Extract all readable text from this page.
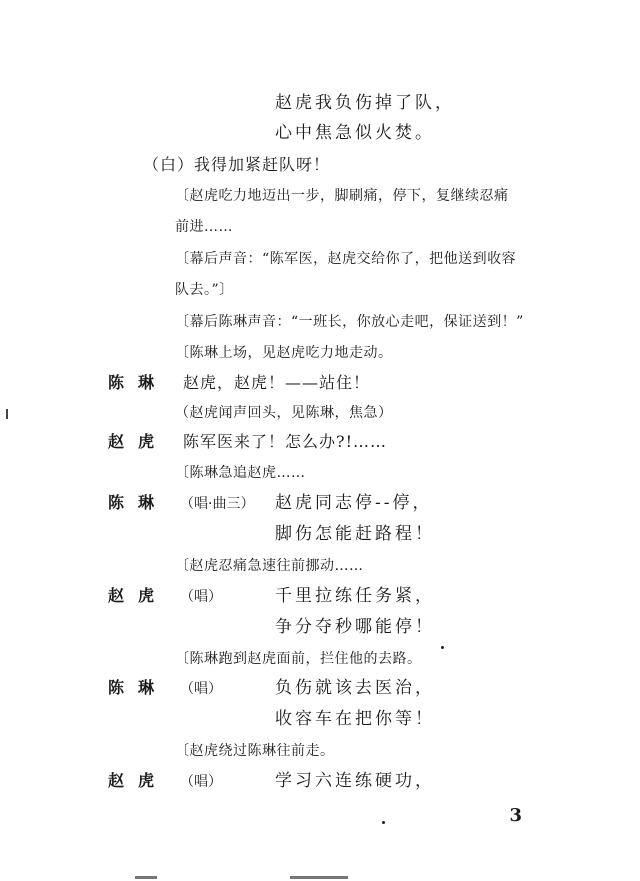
赵虎我负伤掉了队，
心中焦急似火焚。
（白）我得加紧赶队呀！
〔赵虎吃力地迈出一步，脚刷痛，停下，复继续忍痛
前进……
〔幕后声音：“陈军医，赵虎交给你了，把他送到收容
队去。”〕
〔幕后陈琳声音：“一班长，你放心走吧，保证送到！”
〔陈琳上场，见赵虎吃力地走动。
陈琳 赵虎，赵虎！——站住！
（赵虎闻声回头，见陈琳，焦急）
赵虎 陈军医来了！怎么办?!……
〔陈琳急追赵虎……
陈琳 （唱·曲三） 赵虎同志停--停，
脚伤怎能赶路程！
〔赵虎忍痛急速往前挪动……
赵虎 （唱）	千里拉练任务紧，
争分夺秒哪能停！
〔陈琳跑到赵虎面前，拦住他的去路。
陈琳 （唱）	负伤就该去医治，
收容车在把你等！
〔赵虎绕过陈琳往前走。
赵虎 （唱）	学习六连练硬功，
3
